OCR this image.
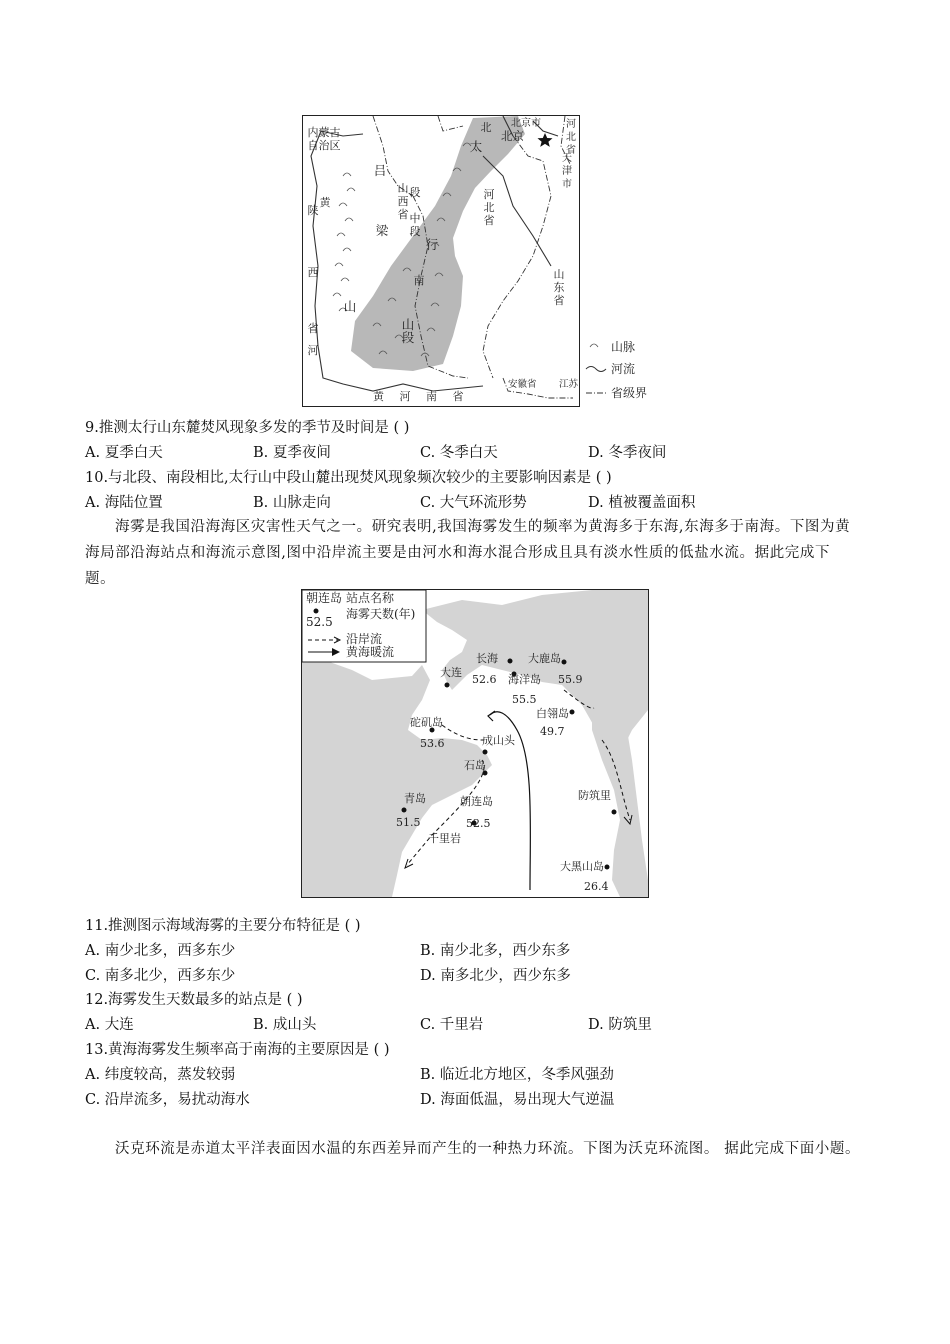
内蒙古自治区
陕
西
省
黄
河
吕
梁
山
山西省
北
太
段

中
段
行
南
山段
北京
北京市
河北省
河北省
天津市
山东省
黄 河 南 省
安徽省 江苏
山脉
河流
省级界
9.推测太行山东麓焚风现象多发的季节及时间是 ( )
A. 夏季白天	B. 夏季夜间	C. 冬季白天	D. 冬季夜间
10.与北段、南段相比,太行山中段山麓出现焚风现象频次较少的主要影响因素是 ( )
A. 海陆位置	B. 山脉走向	C. 大气环流形势	D. 植被覆盖面积
海雾是我国沿海海区灾害性天气之一。研究表明,我国海雾发生的频率为黄海多于东海,东海多于南海。下图为黄海局部沿海站点和海流示意图,图中沿岸流主要是由河水和海水混合形成且具有淡水性质的低盐水流。据此完成下题。
朝连岛 站点名称
52.5
海雾天数(年)
沿岸流
黄海暖流
大连
长海
52.6 海洋岛
55.5
大鹿岛
55.9
白翎岛
49.7
砣矶岛
53.6	成山头
石岛
青岛
51.5
朝连岛
52.5
千里岩
防筑里
大黑山岛
26.4
11.推测图示海域海雾的主要分布特征是 ( )
A. 南少北多，西多东少	B. 南少北多，西少东多
C. 南多北少，西多东少	D. 南多北少，西少东多
12.海雾发生天数最多的站点是 ( )
A. 大连	B. 成山头	C. 千里岩	D. 防筑里
13.黄海海雾发生频率高于南海的主要原因是 ( )
A. 纬度较高，蒸发较弱	B. 临近北方地区，冬季风强劲
C. 沿岸流多，易扰动海水	D. 海面低温，易出现大气逆温
沃克环流是赤道太平洋表面因水温的东西差异而产生的一种热力环流。下图为沃克环流图。 据此完成下面小题。
